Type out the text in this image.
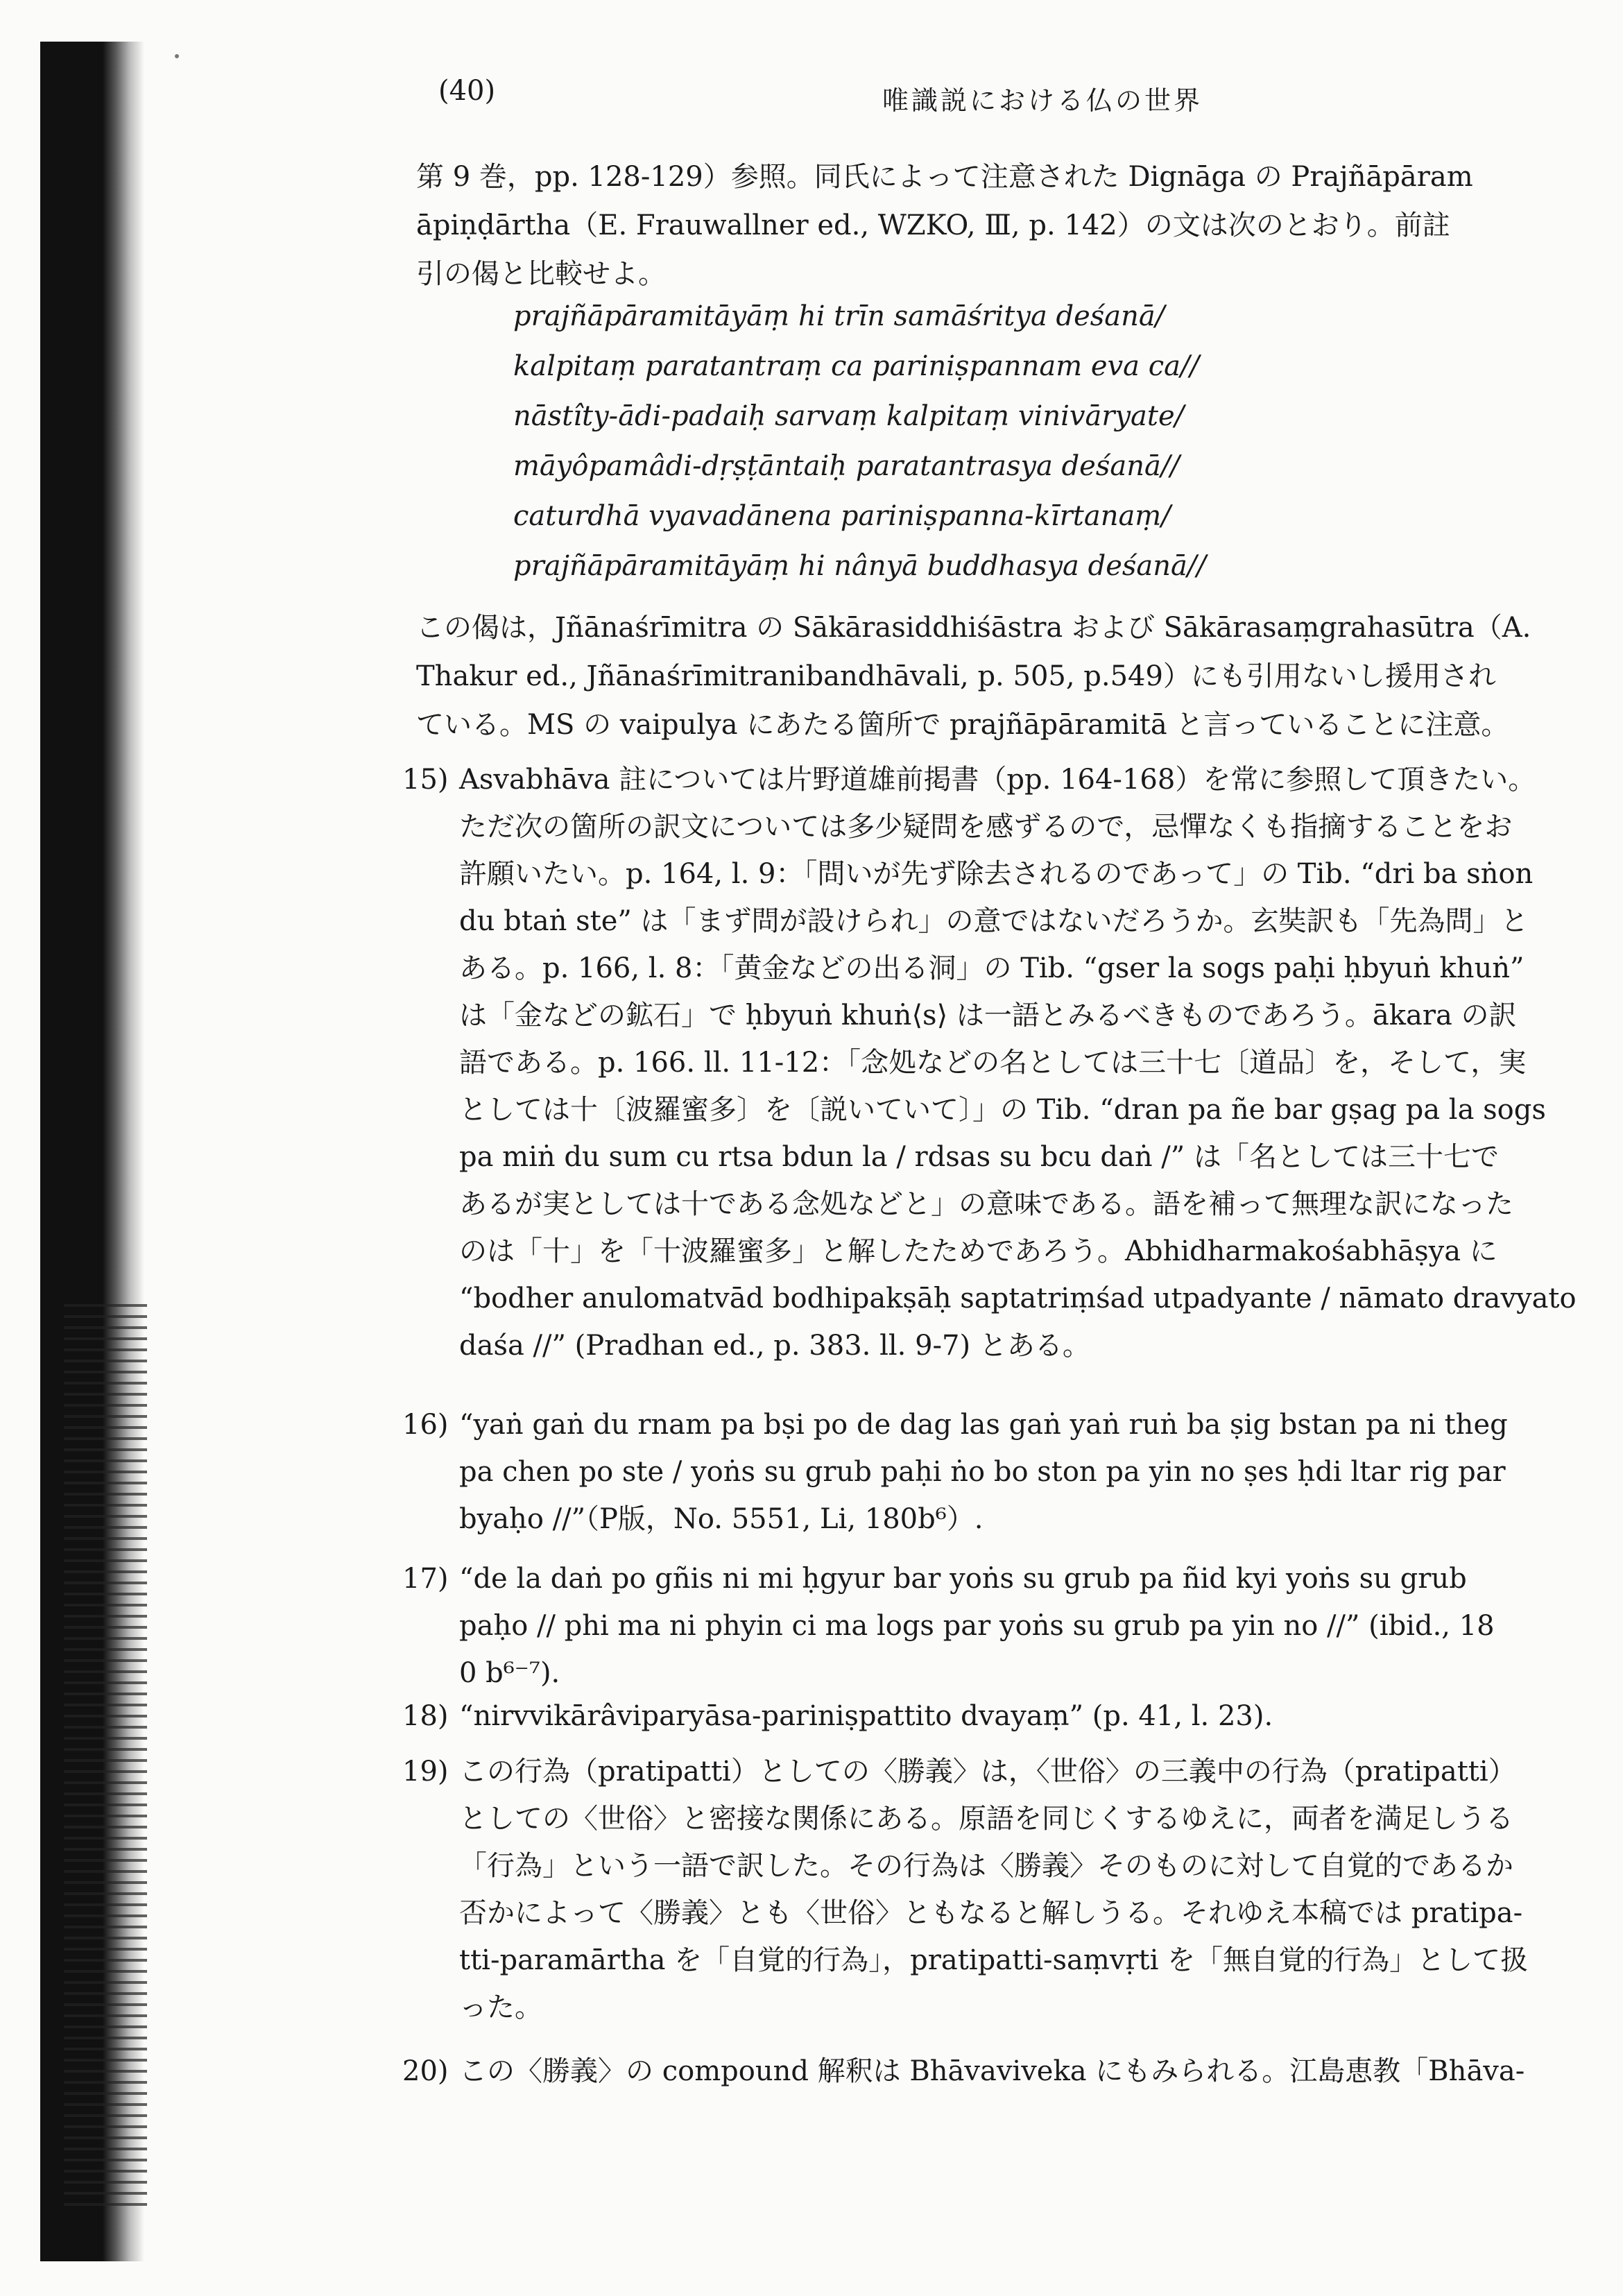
(40)	唯識説における仏の世界

第 9 巻，pp. 128-129）参照。同氏によって注意された Dignāga の Prajñāpāram

āpiṇḍārtha（E. Frauwallner ed., WZKO, Ⅲ, p. 142）の文は次のとおり。前註

引の偈と比較せよ。

prajñāpāramitāyāṃ hi trīn samāśritya deśanā/
kalpitaṃ paratantraṃ ca pariniṣpannam eva ca//
nāstîty-ādi-padaiḥ sarvaṃ kalpitaṃ vinivāryate/
māyôpamâdi-dṛṣṭāntaiḥ paratantrasya deśanā//
caturdhā vyavadānena pariniṣpanna-kīrtanaṃ/
prajñāpāramitāyāṃ hi nânyā buddhasya deśanā//

この偈は，Jñānaśrīmitra の Sākārasiddhiśāstra および Sākārasaṃgrahasūtra（A.

Thakur ed., Jñānaśrīmitranibandhāvali, p. 505, p.549）にも引用ないし援用され

ている。MS の vaipulya にあたる箇所で prajñāpāramitā と言っていることに注意。

15) Asvabhāva 註については片野道雄前掲書（pp. 164-168）を常に参照して頂きたい。

ただ次の箇所の訳文については多少疑問を感ずるので，忌憚なくも指摘することをお

許願いたい。p. 164, l. 9：「問いが先ず除去されるのであって」の Tib. “dri ba sṅon

du btaṅ ste” は「まず問が設けられ」の意ではないだろうか。玄奘訳も「先為問」と

ある。p. 166, l. 8：「黄金などの出る洞」の Tib. “gser la sogs paḥi ḥbyuṅ khuṅ”

は「金などの鉱石」で ḥbyuṅ khuṅ⟨s⟩ は一語とみるべきものであろう。ākara の訳

語である。p. 166. ll. 11-12：「念処などの名としては三十七〔道品〕を，そして，実

としては十〔波羅蜜多〕を〔説いていて〕」の Tib. “dran pa ñe bar gṣag pa la sogs

pa miṅ du sum cu rtsa bdun la / rdsas su bcu daṅ /” は「名としては三十七で

あるが実としては十である念処などと」の意味である。語を補って無理な訳になった

のは「十」を「十波羅蜜多」と解したためであろう。Abhidharmakośabhāṣya に

“bodher anulomatvād bodhipakṣāḥ saptatriṃśad utpadyante / nāmato dravyato

daśa //” (Pradhan ed., p. 383. ll. 9-7) とある。

16) “yaṅ gaṅ du rnam pa bṣi po de dag las gaṅ yaṅ ruṅ ba ṣig bstan pa ni theg

pa chen po ste / yoṅs su grub paḥi ṅo bo ston pa yin no ṣes ḥdi ltar rig par

byaḥo //”（P版，No. 5551, Li, 180b⁶）.

17) “de la daṅ po gñis ni mi ḥgyur bar yoṅs su grub pa ñid kyi yoṅs su grub

paḥo // phi ma ni phyin ci ma logs par yoṅs su grub pa yin no //” (ibid., 18

0 b⁶⁻⁷).

18) “nirvvikārâviparyāsa-pariniṣpattito dvayaṃ” (p. 41, l. 23).

19) この行為（pratipatti）としての〈勝義〉は，〈世俗〉の三義中の行為（pratipatti）

としての〈世俗〉と密接な関係にある。原語を同じくするゆえに，両者を満足しうる

「行為」という一語で訳した。その行為は〈勝義〉そのものに対して自覚的であるか

否かによって〈勝義〉とも〈世俗〉ともなると解しうる。それゆえ本稿では pratipa-

tti-paramārtha を「自覚的行為」，pratipatti-saṃvṛti を「無自覚的行為」として扱

った。

20) この〈勝義〉の compound 解釈は Bhāvaviveka にもみられる。江島恵教「Bhāva-
